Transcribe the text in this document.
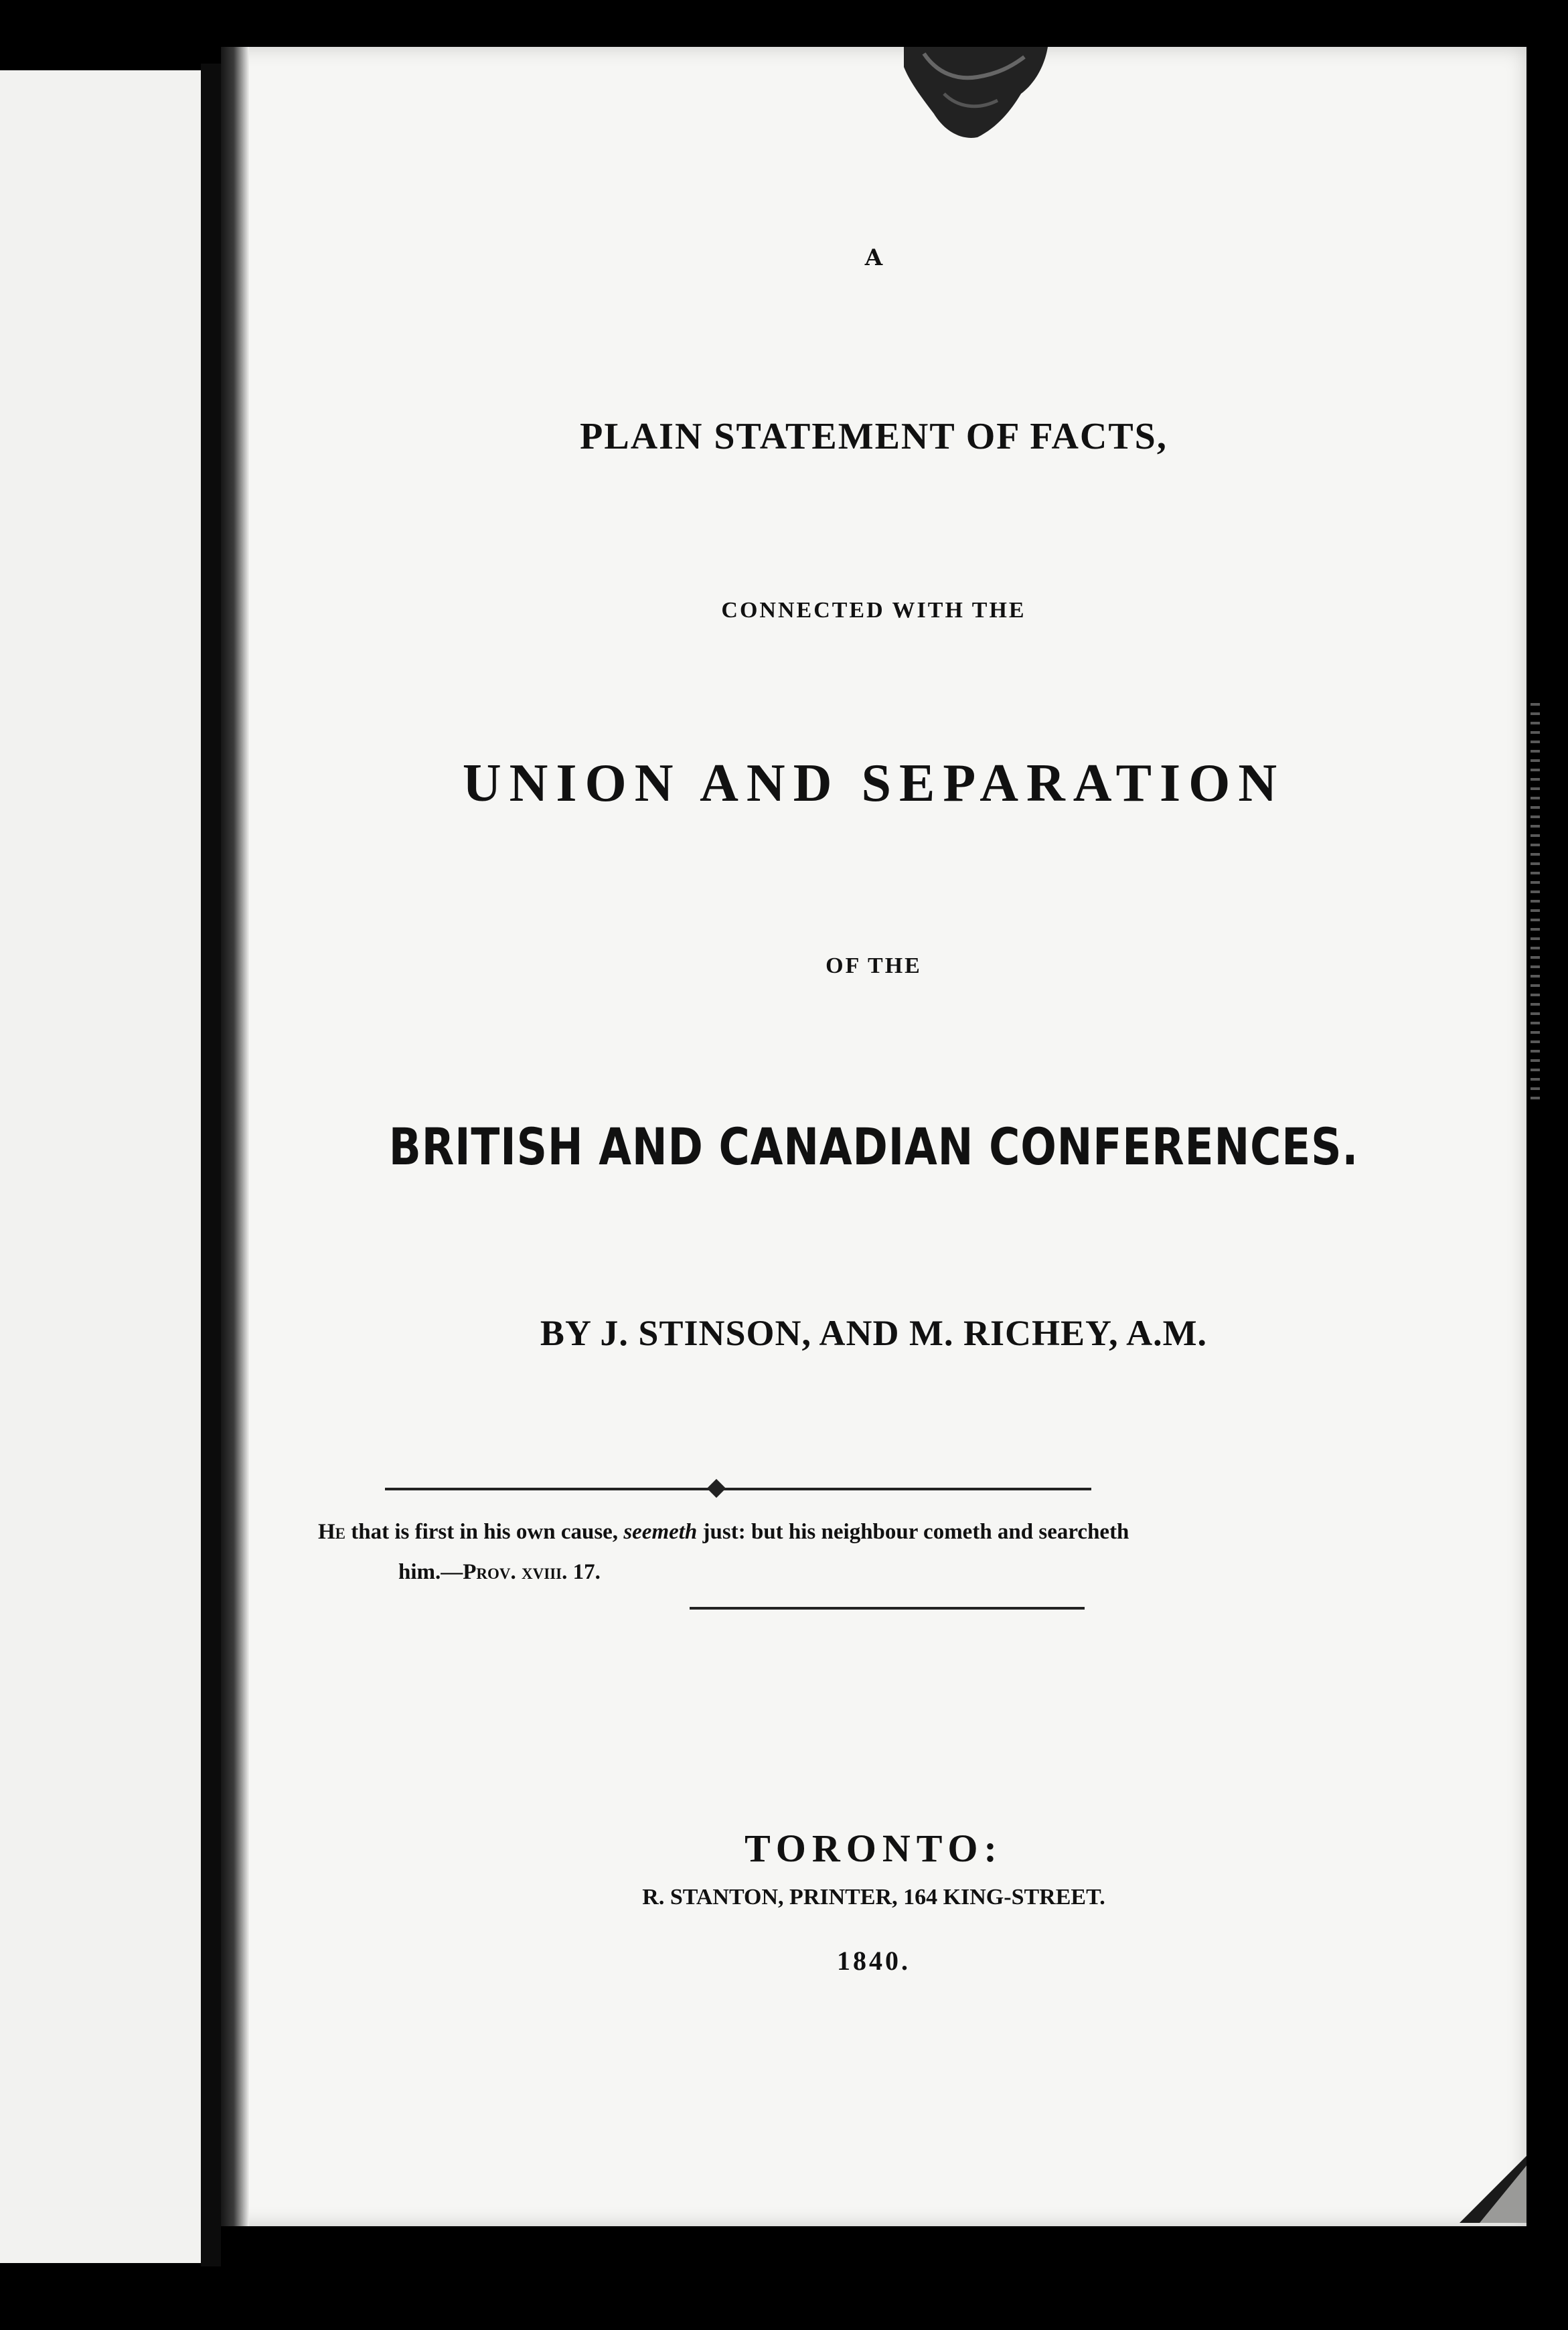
A
PLAIN STATEMENT OF FACTS,
CONNECTED WITH THE
UNION AND SEPARATION
OF THE
BRITISH AND CANADIAN CONFERENCES.
BY J. STINSON, AND M. RICHEY, A.M.
He that is first in his own cause, seemeth just: but his neighbour cometh and searcheth
him.—Prov. xviii. 17.
TORONTO:
R. STANTON, PRINTER, 164 KING-STREET.
1840.
